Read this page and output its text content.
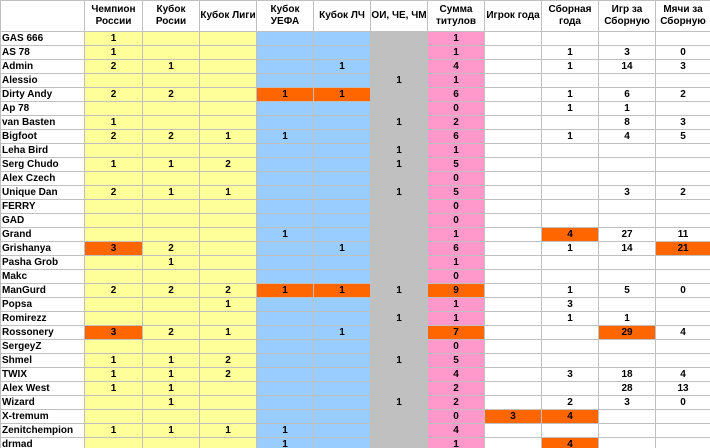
	Чемпион России	Кубок Росии	Кубок Лиги	Кубок УЕФА	Кубок ЛЧ	ОИ, ЧЕ, ЧМ	Сумма титулов	Игрок года	Сборная года	Игр за Сборную	Мячи за Сборную
GAS 666	1						1				
AS 78	1						1		1	3	0
Admin	2	1			1		4		1	14	3
Alessio						1	1				
Dirty Andy	2	2		1	1		6		1	6	2
Ap 78							0		1	1	
van Basten	1					1	2			8	3
Bigfoot	2	2	1	1			6		1	4	5
Leha Bird						1	1				
Serg Chudo	1	1	2			1	5				
Alex Czech							0				
Unique Dan	2	1	1			1	5			3	2
FERRY							0				
GAD							0				
Grand				1			1		4	27	11
Grishanya	3	2			1		6		1	14	21
Pasha Grob		1					1				
Makc							0				
ManGurd	2	2	2	1	1	1	9		1	5	0
Popsa			1				1		3		
Romirezz						1	1		1	1	
Rossonery	3	2	1		1		7			29	4
SergeyZ							0				
Shmel	1	1	2			1	5				
TWIX	1	1	2				4		3	18	4
Alex West	1	1					2			28	13
Wizard		1				1	2		2	3	0
X-tremum							0	3	4		
Zenitchempion	1	1	1	1			4				
drmad				1			1		4		
